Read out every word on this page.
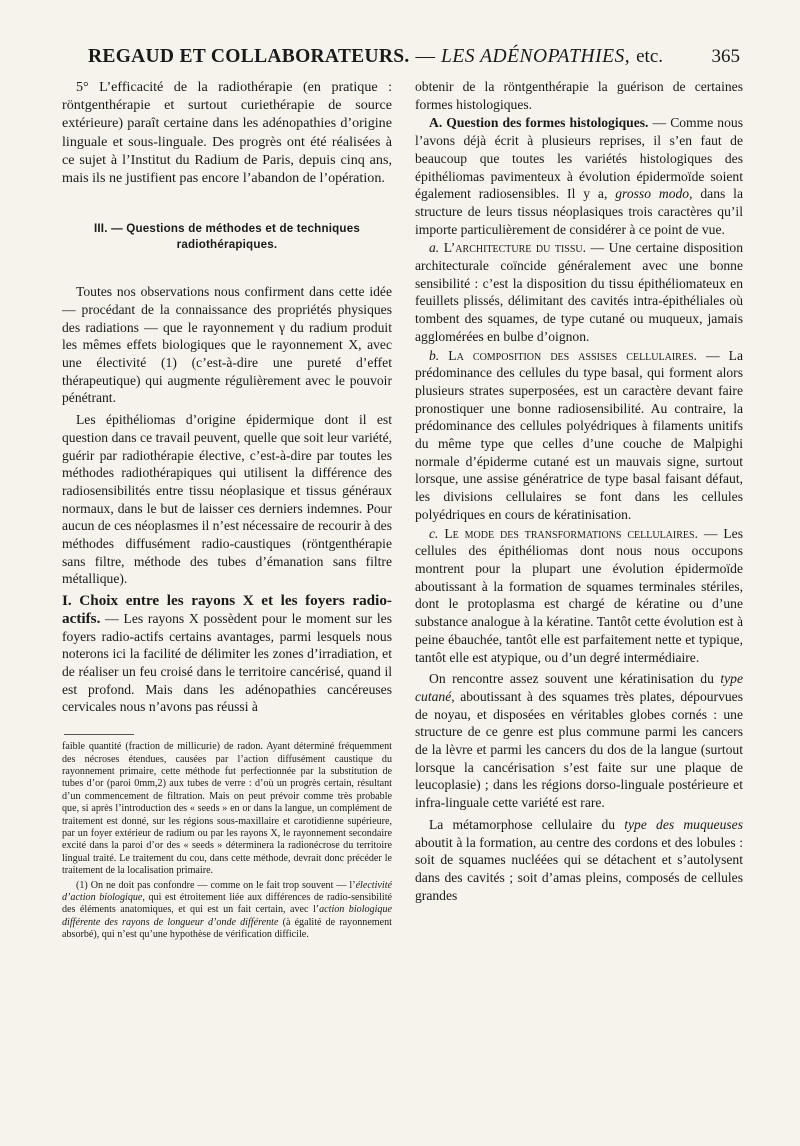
REGAUD ET COLLABORATEURS. — LES ADÉNOPATHIES, etc.	365

5° L’efficacité de la radiothérapie (en pratique : röntgenthérapie et surtout curiethérapie de source extérieure) paraît certaine dans les adénopathies d’origine linguale et sous-linguale. Des progrès ont été réalisées à ce sujet à l’Institut du Radium de Paris, depuis cinq ans, mais ils ne justifient pas encore l’abandon de l’opération.

III. — Questions de méthodes et de techniques radiothérapiques.

Toutes nos observations nous confirment dans cette idée — procédant de la connaissance des propriétés physiques des radiations — que le rayonnement γ du radium produit les mêmes effets biologiques que le rayonnement X, avec une électivité (1) (c’est-à-dire une pureté d’effet thérapeutique) qui augmente régulièrement avec le pouvoir pénétrant.

Les épithéliomas d’origine épidermique dont il est question dans ce travail peuvent, quelle que soit leur variété, guérir par radiothérapie élective, c’est-à-dire par toutes les méthodes radiothérapiques qui utilisent la différence des radiosensibilités entre tissu néoplasique et tissus généraux normaux, dans le but de laisser ces derniers indemnes. Pour aucun de ces néoplasmes il n’est nécessaire de recourir à des méthodes diffusément radio-caustiques (röntgenthérapie sans filtre, méthode des tubes d’émanation sans filtre métallique).

I. Choix entre les rayons X et les foyers radio-actifs. — Les rayons X possèdent pour le moment sur les foyers radio-actifs certains avantages, parmi lesquels nous noterons ici la facilité de délimiter les zones d’irradiation, et de réaliser un feu croisé dans le territoire cancérisé, quand il est profond. Mais dans les adénopathies cancéreuses cervicales nous n’avons pas réussi à

faible quantité (fraction de millicurie) de radon. Ayant déterminé fréquemment des nécroses étendues, causées par l’action diffusément caustique du rayonnement primaire, cette méthode fut perfectionnée par la substitution de tubes d’or (paroi 0mm,2) aux tubes de verre : d’où un progrès certain, résultant d’un commencement de filtration. Mais on peut prévoir comme très probable que, si après l’introduction des « seeds » en or dans la langue, un complément de traitement est donné, sur les régions sous-maxillaire et carotidienne supérieure, par un foyer extérieur de radium ou par les rayons X, le rayonnement secondaire excité dans la paroi d’or des « seeds » déterminera la radionécrose du territoire lingual traité. Le traitement du cou, dans cette méthode, devrait donc précéder le traitement de la localisation primaire.

(1) On ne doit pas confondre — comme on le fait trop souvent — l’électivité d’action biologique, qui est étroitement liée aux différences de radio-sensibilité des éléments anatomiques, et qui est un fait certain, avec l’action biologique différente des rayons de longueur d’onde différente (à égalité de rayonnement absorbé), qui n’est qu’une hypothèse de vérification difficile.

obtenir de la röntgenthérapie la guérison de certaines formes histologiques.

A. Question des formes histologiques. — Comme nous l’avons déjà écrit à plusieurs reprises, il s’en faut de beaucoup que toutes les variétés histologiques des épithéliomas pavimenteux à évolution épidermoïde soient également radiosensibles. Il y a, grosso modo, dans la structure de leurs tissus néoplasiques trois caractères qu’il importe particulièrement de considérer à ce point de vue.

a. L’architecture du tissu. — Une certaine disposition architecturale coïncide généralement avec une bonne sensibilité : c’est la disposition du tissu épithéliomateux en feuillets plissés, délimitant des cavités intra-épithéliales où tombent des squames, de type cutané ou muqueux, jamais agglomérées en bulbe d’oignon.

b. La composition des assises cellulaires. — La prédominance des cellules du type basal, qui forment alors plusieurs strates superposées, est un caractère devant faire pronostiquer une bonne radiosensibilité. Au contraire, la prédominance des cellules polyédriques à filaments unitifs du même type que celles d’une couche de Malpighi normale d’épiderme cutané est un mauvais signe, surtout lorsque, une assise génératrice de type basal faisant défaut, les divisions cellulaires se font dans les cellules polyédriques en cours de kératinisation.

c. Le mode des transformations cellulaires. — Les cellules des épithéliomas dont nous nous occupons montrent pour la plupart une évolution épidermoïde aboutissant à la formation de squames terminales stériles, dont le protoplasma est chargé de kératine ou d’une substance analogue à la kératine. Tantôt cette évolution est à peine ébauchée, tantôt elle est parfaitement nette et typique, tantôt elle est atypique, ou d’un degré intermédiaire.

On rencontre assez souvent une kératinisation du type cutané, aboutissant à des squames très plates, dépourvues de noyau, et disposées en véritables globes cornés : une structure de ce genre est plus commune parmi les cancers de la lèvre et parmi les cancers du dos de la langue (surtout lorsque la cancérisation s’est faite sur une plaque de leucoplasie) ; dans les régions dorso-linguale postérieure et infra-linguale cette variété est rare.

La métamorphose cellulaire du type des muqueuses aboutit à la formation, au centre des cordons et des lobules : soit de squames nucléées qui se détachent et s’autolysent dans des cavités ; soit d’amas pleins, composés de cellules grandes
